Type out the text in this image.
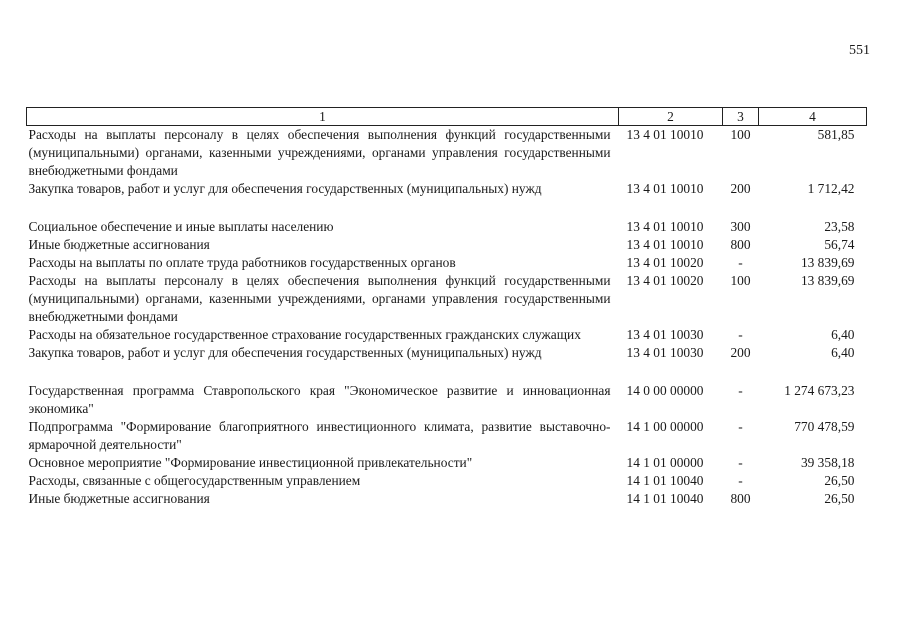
551
1	2	3	4
Расходы на выплаты персоналу в целях обеспечения выполнения функций государственными (муниципальными) органами, казенными учреждениями, органами управления государственными внебюджетными фондами	13 4 01 10010	100	581,85
Закупка товаров, работ и услуг для обеспечения государственных (муниципальных) нужд	13 4 01 10010	200	1 712,42
Социальное обеспечение и иные выплаты населению	13 4 01 10010	300	23,58
Иные бюджетные ассигнования	13 4 01 10010	800	56,74
Расходы на выплаты по оплате труда работников государственных органов	13 4 01 10020	-	13 839,69
Расходы на выплаты персоналу в целях обеспечения выполнения функций государственными (муниципальными) органами, казенными учреждениями, органами управления государственными внебюджетными фондами	13 4 01 10020	100	13 839,69
Расходы на обязательное государственное страхование государственных гражданских служащих	13 4 01 10030	-	6,40
Закупка товаров, работ и услуг для обеспечения государственных (муниципальных) нужд	13 4 01 10030	200	6,40
Государственная программа Ставропольского края "Экономическое развитие и инновационная экономика"	14 0 00 00000	-	1 274 673,23
Подпрограмма "Формирование благоприятного инвестиционного климата, развитие выставочно-ярмарочной деятельности"	14 1 00 00000	-	770 478,59
Основное мероприятие "Формирование инвестиционной привлекательности"	14 1 01 00000	-	39 358,18
Расходы, связанные с общегосударственным управлением	14 1 01 10040	-	26,50
Иные бюджетные ассигнования	14 1 01 10040	800	26,50
